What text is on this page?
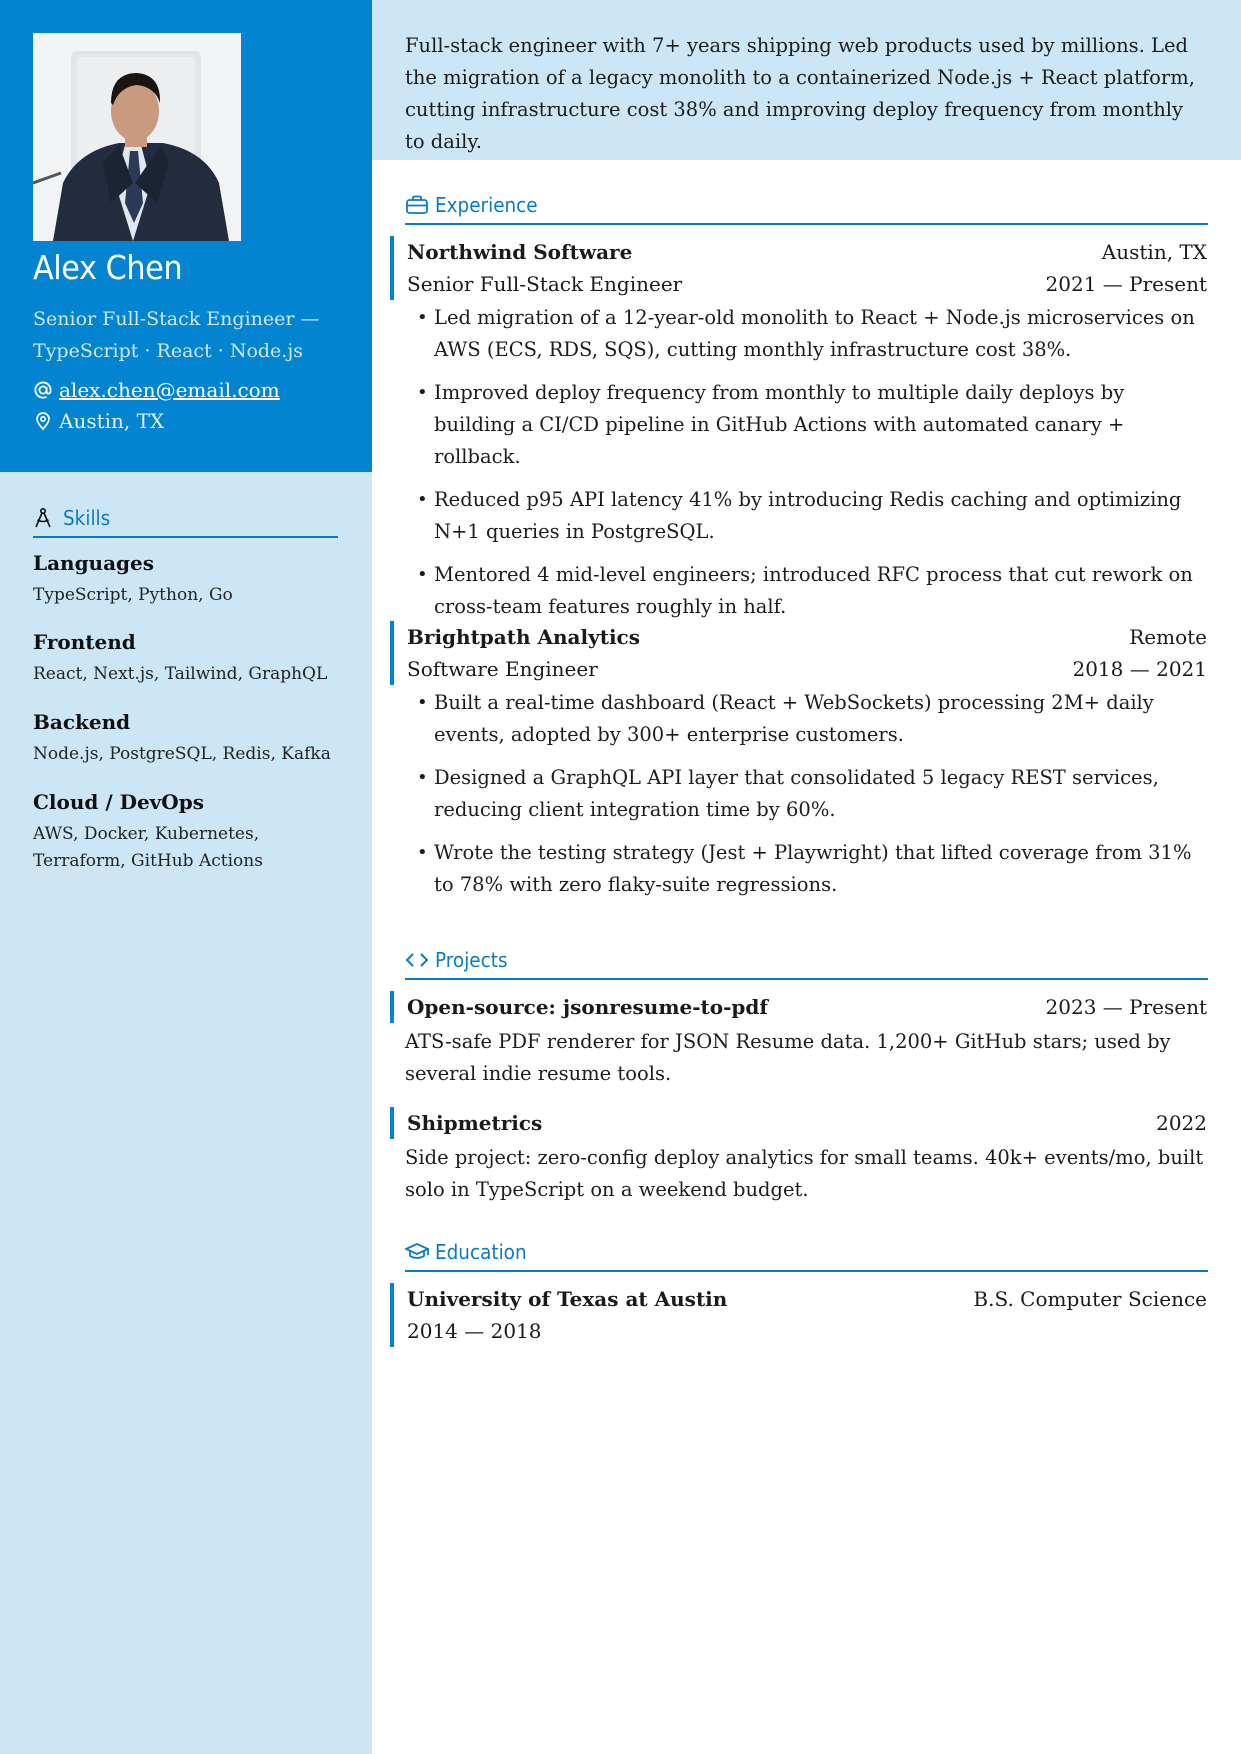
Alex Chen
Senior Full-Stack Engineer — TypeScript · React · Node.js
alex.chen@email.com
Austin, TX
Skills
Languages

TypeScript, Python, Go

Frontend

React, Next.js, Tailwind, GraphQL

Backend

Node.js, PostgreSQL, Redis, Kafka

Cloud / DevOps

AWS, Docker, Kubernetes, Terraform, GitHub Actions

Full-stack engineer with 7+ years shipping web products used by millions. Led the migration of a legacy monolith to a containerized Node.js + React platform, cutting infrastructure cost 38% and improving deploy frequency from monthly to daily.

Experience
Northwind Software	Austin, TX
Senior Full-Stack Engineer	2021 — Present
• Led migration of a 12-year-old monolith to React + Node.js microservices on AWS (ECS, RDS, SQS), cutting monthly infrastructure cost 38%.
• Improved deploy frequency from monthly to multiple daily deploys by building a CI/CD pipeline in GitHub Actions with automated canary + rollback.
• Reduced p95 API latency 41% by introducing Redis caching and optimizing N+1 queries in PostgreSQL.
• Mentored 4 mid-level engineers; introduced RFC process that cut rework on cross-team features roughly in half.
Brightpath Analytics	Remote
Software Engineer	2018 — 2021
• Built a real-time dashboard (React + WebSockets) processing 2M+ daily events, adopted by 300+ enterprise customers.
• Designed a GraphQL API layer that consolidated 5 legacy REST services, reducing client integration time by 60%.
• Wrote the testing strategy (Jest + Playwright) that lifted coverage from 31% to 78% with zero flaky-suite regressions.
Projects
Open-source: jsonresume-to-pdf	2023 — Present

ATS-safe PDF renderer for JSON Resume data. 1,200+ GitHub stars; used by several indie resume tools.

Shipmetrics	2022

Side project: zero-config deploy analytics for small teams. 40k+ events/mo, built solo in TypeScript on a weekend budget.

Education
University of Texas at Austin	B.S. Computer Science
2014 — 2018
